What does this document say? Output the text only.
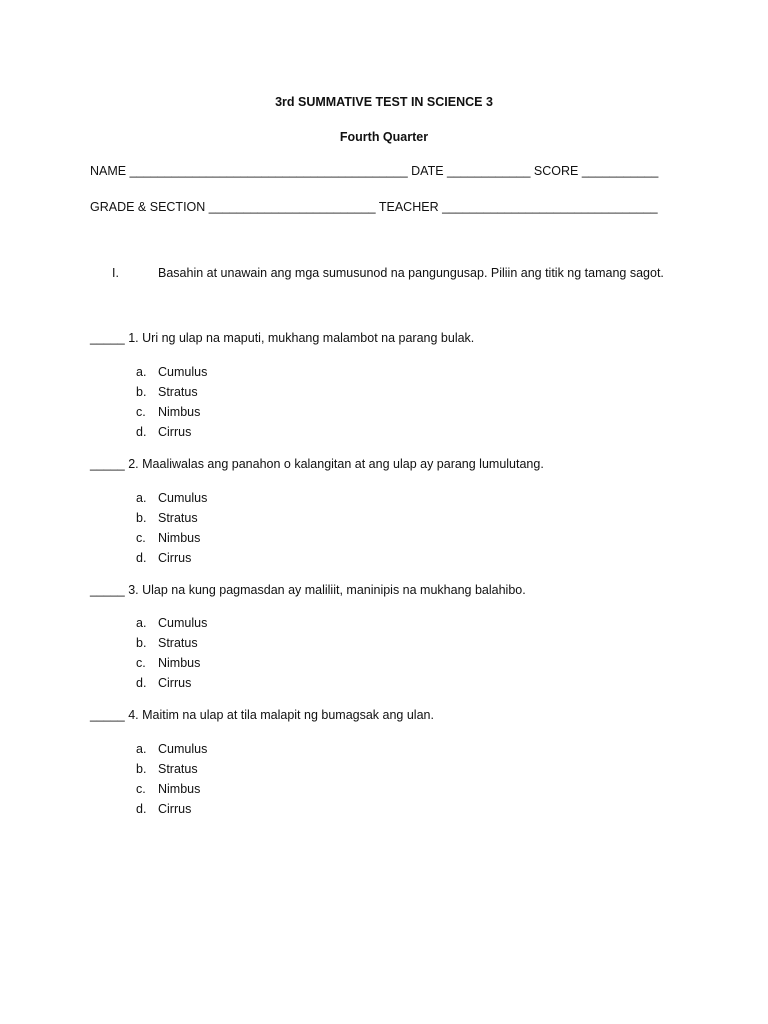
3rd SUMMATIVE TEST IN SCIENCE 3
Fourth Quarter
NAME ________________________________________ DATE ____________ SCORE ___________
GRADE & SECTION ________________________ TEACHER _______________________________
I.	Basahin at unawain ang mga sumusunod na pangungusap. Piliin ang titik ng tamang sagot.
_____ 1. Uri ng ulap na maputi, mukhang malambot na parang bulak.
a. Cumulus
b. Stratus
c. Nimbus
d. Cirrus
_____ 2. Maaliwalas ang panahon o kalangitan at ang ulap ay parang lumulutang.
a. Cumulus
b. Stratus
c. Nimbus
d. Cirrus
_____ 3. Ulap na kung pagmasdan ay maliliit, maninipis na mukhang balahibo.
a. Cumulus
b. Stratus
c. Nimbus
d. Cirrus
_____ 4. Maitim na ulap at tila malapit ng bumagsak ang ulan.
a. Cumulus
b. Stratus
c. Nimbus
d. Cirrus
